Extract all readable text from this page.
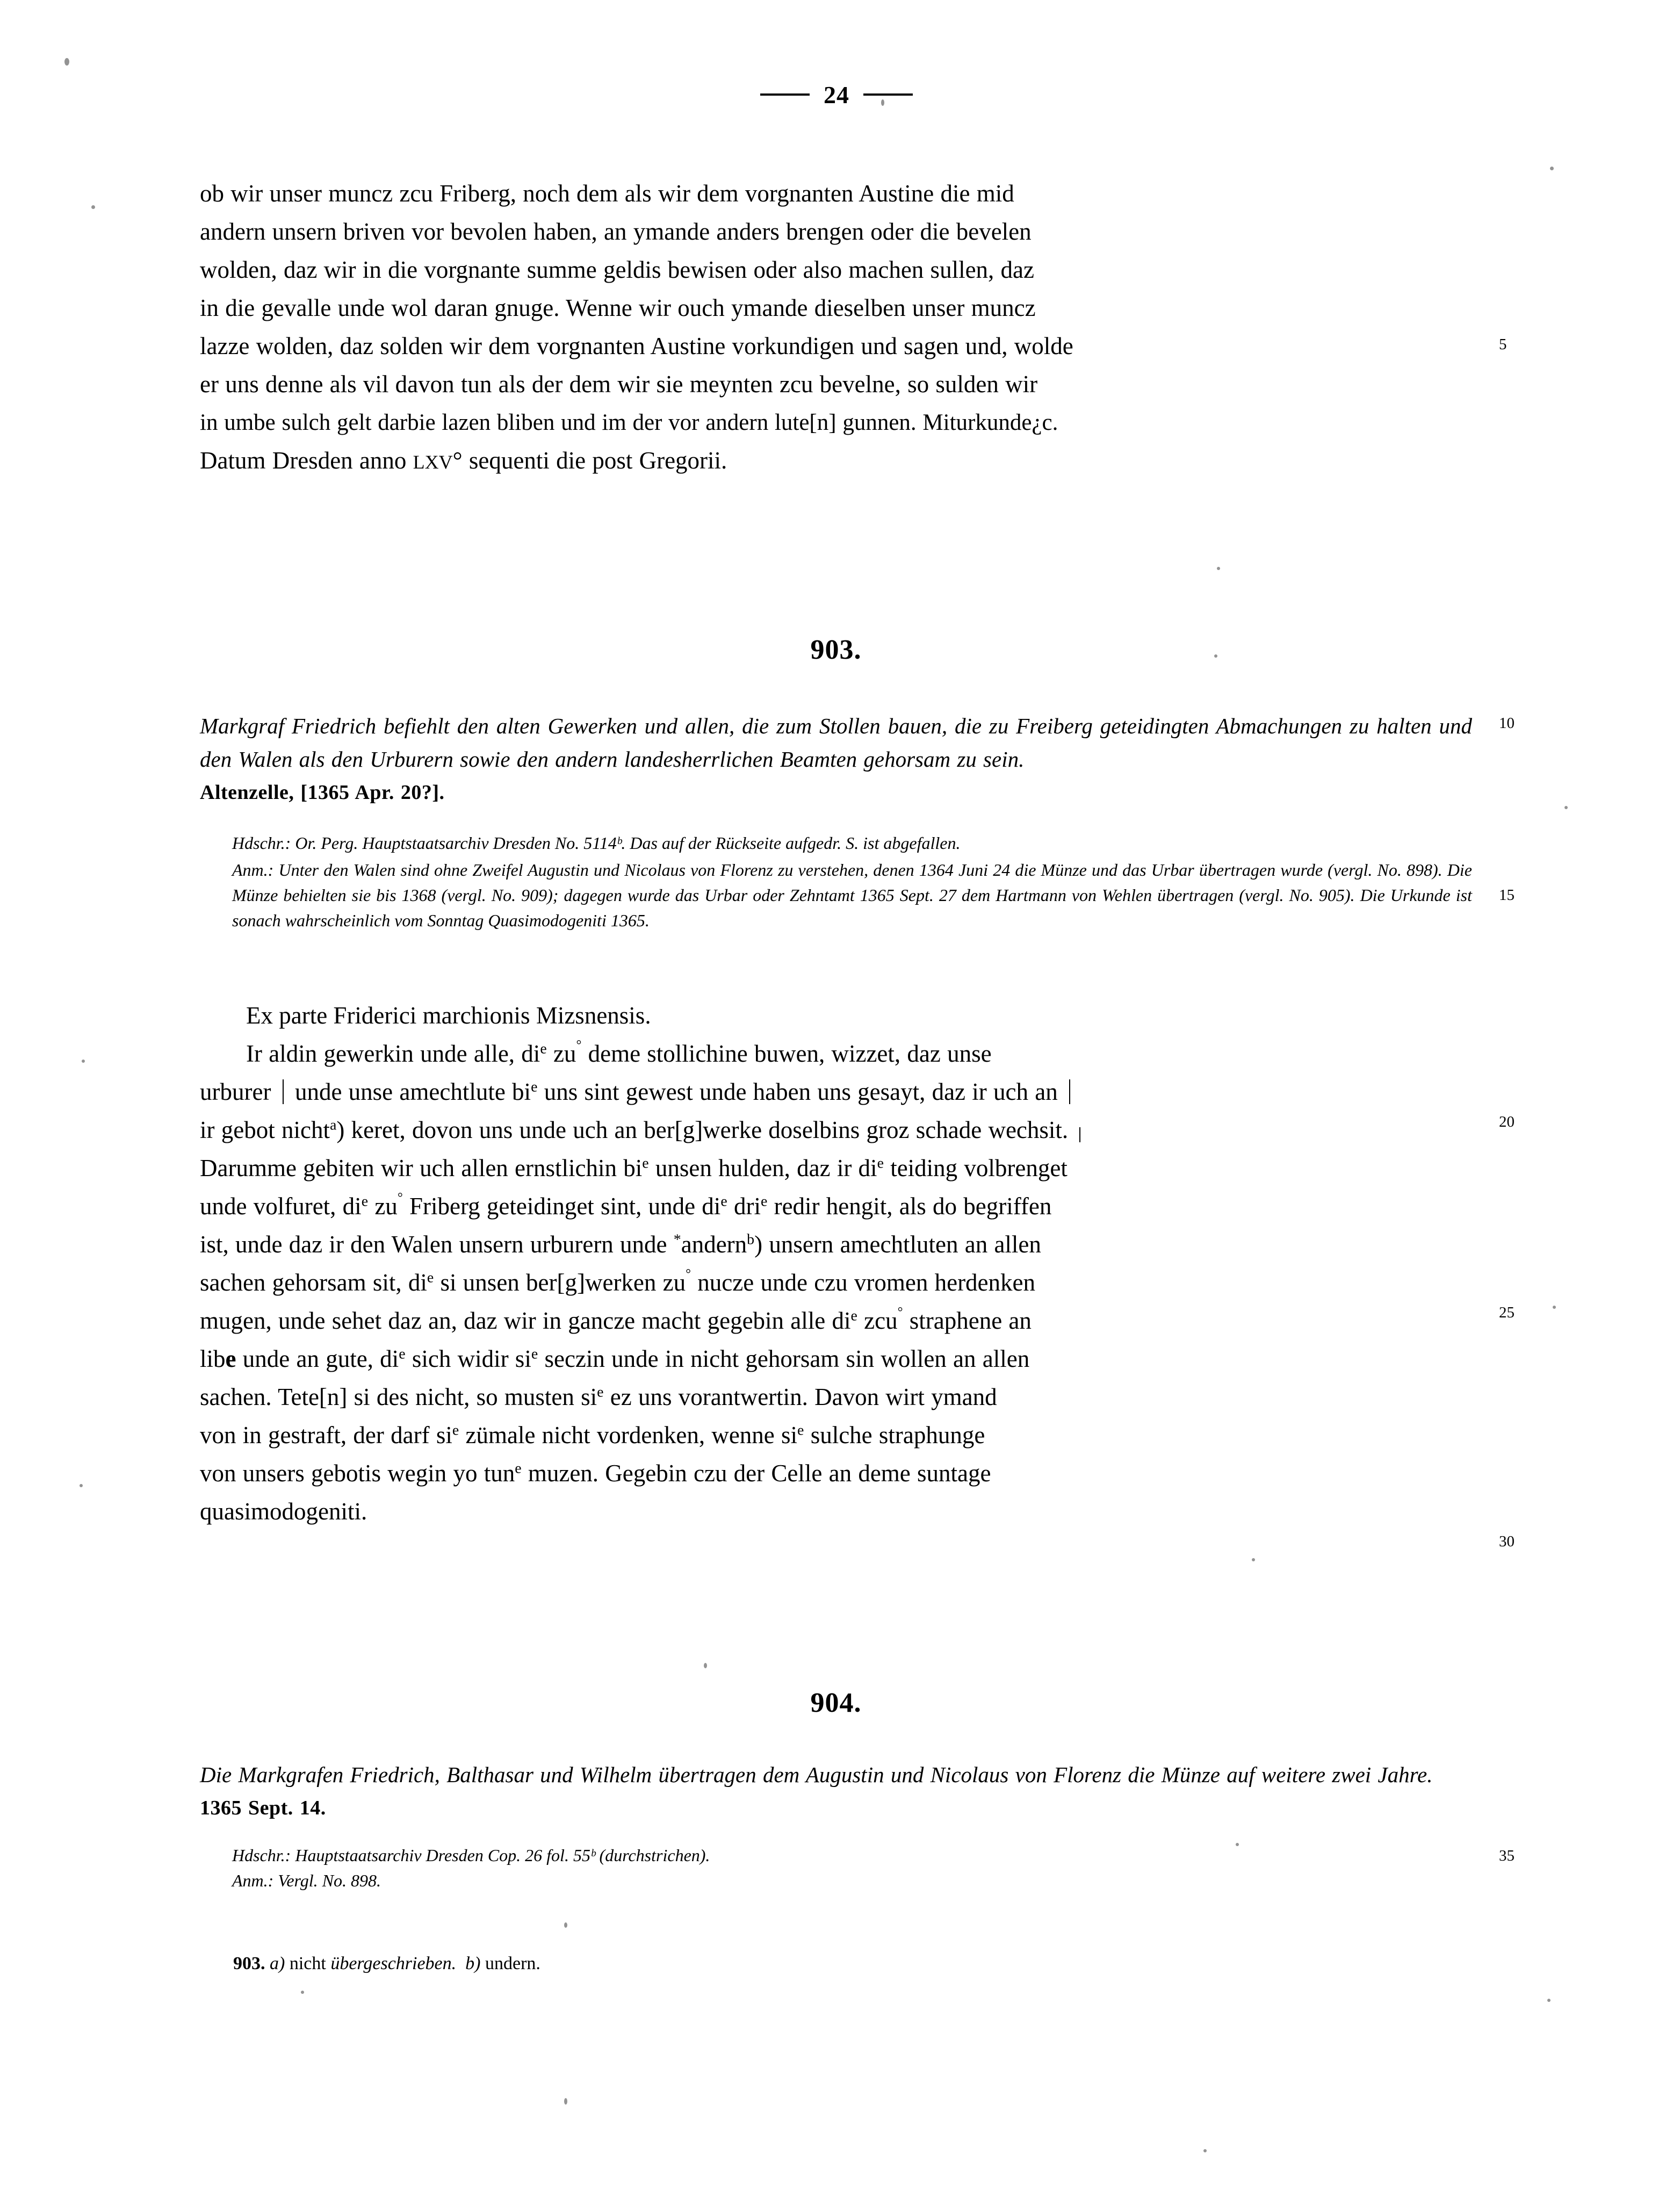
24

ob wir unser muncz zcu Friberg, noch dem als wir dem vorgnanten Austine die mid

andern unsern briven vor bevolen haben, an ymande anders brengen oder die bevelen

wolden, daz wir in die vorgnante summe geldis bewisen oder also machen sullen, daz

in die gevalle unde wol daran gnuge. Wenne wir ouch ymande dieselben unser muncz

lazze wolden, daz solden wir dem vorgnanten Austine vorkundigen und sagen und, wolde

er uns denne als vil davon tun als der dem wir sie meynten zcu bevelne, so sulden wir

in umbe sulch gelt darbie lazen bliben und im der vor andern lute[n] gunnen. Miturkunde¿c.

Datum Dresden anno LXV° sequenti die post Gregorii.

5
903.

Markgraf Friedrich befiehlt den alten Gewerken und allen, die zum Stollen bauen, die zu Freiberg geteidingten Abmachungen zu halten und den Walen als den Urburern sowie den andern landesherrlichen Beamten gehorsam zu sein.

Altenzelle, [1365 Apr. 20?].

10

Hdschr.: Or. Perg. Hauptstaatsarchiv Dresden No. 5114ᵇ. Das auf der Rückseite aufgedr. S. ist abgefallen.

Anm.: Unter den Walen sind ohne Zweifel Augustin und Nicolaus von Florenz zu verstehen, denen 1364 Juni 24 die Münze und das Urbar übertragen wurde (vergl. No. 898). Die Münze behielten sie bis 1368 (vergl. No. 909); dagegen wurde das Urbar oder Zehntamt 1365 Sept. 27 dem Hartmann von Wehlen übertragen (vergl. No. 905). Die Urkunde ist sonach wahrscheinlich vom Sonntag Quasimodogeniti 1365.

15

Ex parte Friderici marchionis Mizsnensis.

Ir aldin gewerkin unde alle, $di^e$ zu° deme stollichine buwen, wizzet, daz unse

urburer  unde unse amechtlute $bi^e$ uns sint gewest unde haben uns gesayt, daz ir uch an

ir gebot nicht$^a$) keret, dovon uns unde uch an ber[g]werke doselbins groz schade wechsit.

Darumme gebiten wir uch allen ernstlichin $bi^e$ unsen hulden, daz ir $di^e$ teiding volbrenget

unde volfuret, $di^e$ zu° Friberg geteidinget sint, unde $di^e$ dri$^e$ redir hengit, als do begriffen

ist, unde daz ir den Walen unsern urburern unde *andern$^b$) unsern amechtluten an allen

sachen gehorsam sit, $di^e$ si unsen ber[g]werken zu° nucze unde czu vromen herdenken

mugen, unde sehet daz an, daz wir in gancze macht gegebin alle $di^e$ zcu° straphene an

libe unde an gute, $di^e$ sich widir $si^e$ seczin unde in nicht gehorsam sin wollen an allen

sachen. Tete[n] si des nicht, so musten $si^e$ ez uns vorantwertin. Davon wirt ymand

von in gestraft, der darf $si^e$ zümale nicht vordenken, wenne $si^e$ sulche straphunge

von unsers gebotis wegin yo tun$^e$ muzen. Gegebin czu der Celle an deme suntage

quasimodogeniti.

20
25
30
904.

Die Markgrafen Friedrich, Balthasar und Wilhelm übertragen dem Augustin und Nicolaus von Florenz die Münze auf weitere zwei Jahre.

1365 Sept. 14.

Hdschr.: Hauptstaatsarchiv Dresden Cop. 26 fol. 55ᵇ (durchstrichen).

Anm.: Vergl. No. 898.

35

903. a) nicht übergeschrieben. b) undern.
